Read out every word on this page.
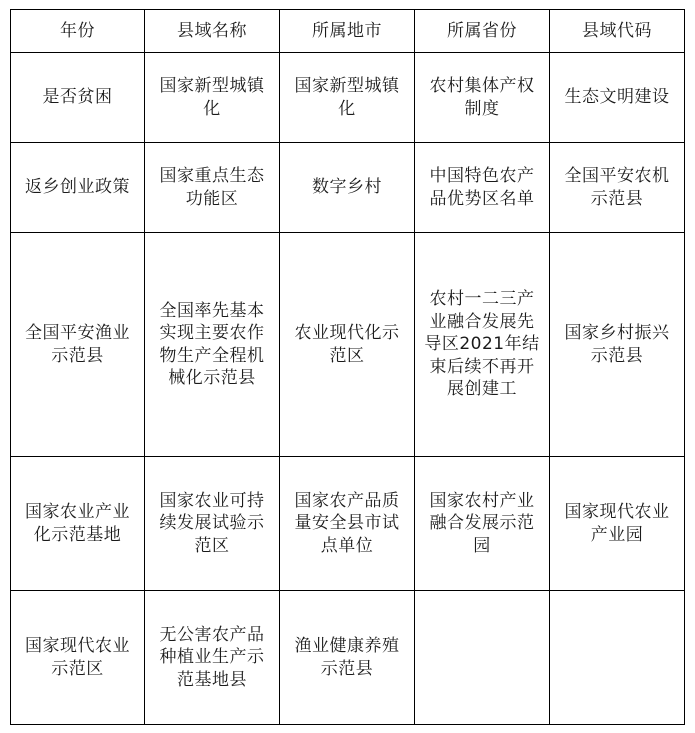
年份	县域名称	所属地市	所属省份	县域代码
是否贫困	国家新型城镇化	国家新型城镇化	农村集体产权制度	生态文明建设
返乡创业政策	国家重点生态功能区	数字乡村	中国特色农产品优势区名单	全国平安农机示范县
全国平安渔业示范县	全国率先基本实现主要农作物生产全程机械化示范县	农业现代化示范区	农村一二三产业融合发展先导区2021年结束后续不再开展创建工	国家乡村振兴示范县
国家农业产业化示范基地	国家农业可持续发展试验示范区	国家农产品质量安全县市试点单位	国家农村产业融合发展示范园	国家现代农业产业园
国家现代农业示范区	无公害农产品种植业生产示范基地县	渔业健康养殖示范县		
